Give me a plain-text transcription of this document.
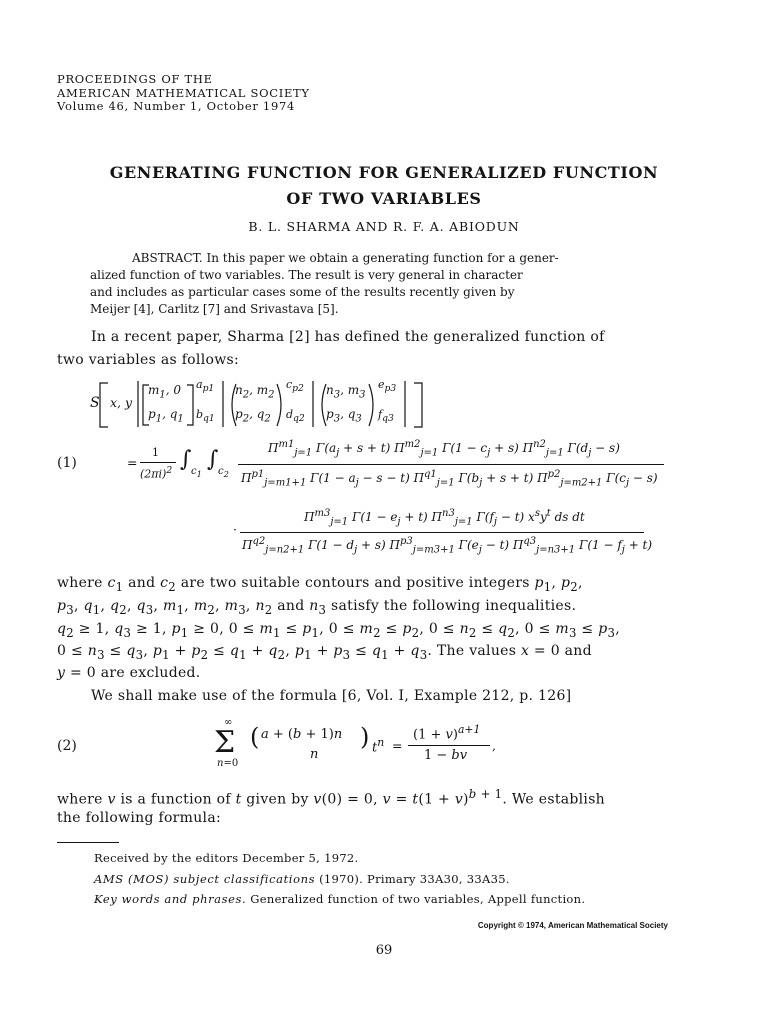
PROCEEDINGS OF THE
AMERICAN MATHEMATICAL SOCIETY
Volume 46, Number 1, October 1974
GENERATING FUNCTION FOR GENERALIZED FUNCTION
OF TWO VARIABLES
B. L. SHARMA AND R. F. A. ABIODUN
ABSTRACT. In this paper we obtain a generating function for a gener-
alized function of two variables. The result is very general in character
and includes as particular cases some of the results recently given by
Meijer [4], Carlitz [7] and Srivastava [5].
In a recent paper, Sharma [2] has defined the generalized function of
two variables as follows:
S x, y
$m_1$, 0
$p_1$, $q_1$
$a_{p1}$
$b_{q1}$
$n_2$, $m_2$
$p_2$, $q_2$
$c_{p2}$
$d_{q2}$
$n_3$, $m_3$
$p_3$, $q_3$
$e_{p3}$
$f_{q3}$
(1)	=
1
$(2\pi i)^2$ ∫ $c_1$
∫ $c_2$
$\Pi^{m1}_{j=1}$ $\Gamma(a_j + s + t)$ $\Pi^{m2}_{j=1}$ $\Gamma(1 - c_j + s)$ $\Pi^{n2}_{j=1}$ $\Gamma(d_j - s)$
$\Pi^{p1}_{j=m1+1}$ $\Gamma(1 - a_j - s - t)$ $\Pi^{q1}_{j=1}$ $\Gamma(b_j + s + t)$ $\Pi^{p2}_{j=m2+1}$ $\Gamma(c_j - s)$
·
$\Pi^{m3}_{j=1}$ $\Gamma(1 - e_j + t)$ $\Pi^{n3}_{j=1}$ $\Gamma(f_j - t)$ $x^sy^t$ ds dt
$\Pi^{q2}_{j=n2+1}$ $\Gamma(1 - d_j + s)$ $\Pi^{p3}_{j=m3+1}$ $\Gamma(e_j - t)$ $\Pi^{q3}_{j=n3+1}$ $\Gamma(1 - f_j + t)$
where $c_1$ and $c_2$ are two suitable contours and positive integers $p_1$, $p_2$,
$p_3$, $q_1$, $q_2$, $q_3$, $m_1$, $m_2$, $m_3$, $n_2$ and $n_3$ satisfy the following inequalities.
$q_2 \ge 1$, $q_3 \ge 1$, $p_1 \ge 0$, $0 \le m_1 \le p_1$, $0 \le m_2 \le p_2$, $0 \le n_2 \le q_2$, $0 \le m_3 \le p_3$,
$0 \le n_3 \le q_3$, $p_1 + p_2 \le q_1 + q_2$, $p_1 + p_3 \le q_1 + q_3$. The values x = 0 and
y = 0 are excluded.
We shall make use of the formula [6, Vol. I, Example 212, p. 126]
(2)
∞
Σ
n=0
( a + (b + 1)n
n
) $t^n$ =
$(1 + v)^{a+1}$
1 − bv
,
where v is a function of t given by v(0) = 0, $v = t(1 + v)^{b + 1}$. We establish
the following formula:
Received by the editors December 5, 1972.
AMS (MOS) subject classifications (1970). Primary 33A30, 33A35.
Key words and phrases. Generalized function of two variables, Appell function.
Copyright © 1974, American Mathematical Society
69
